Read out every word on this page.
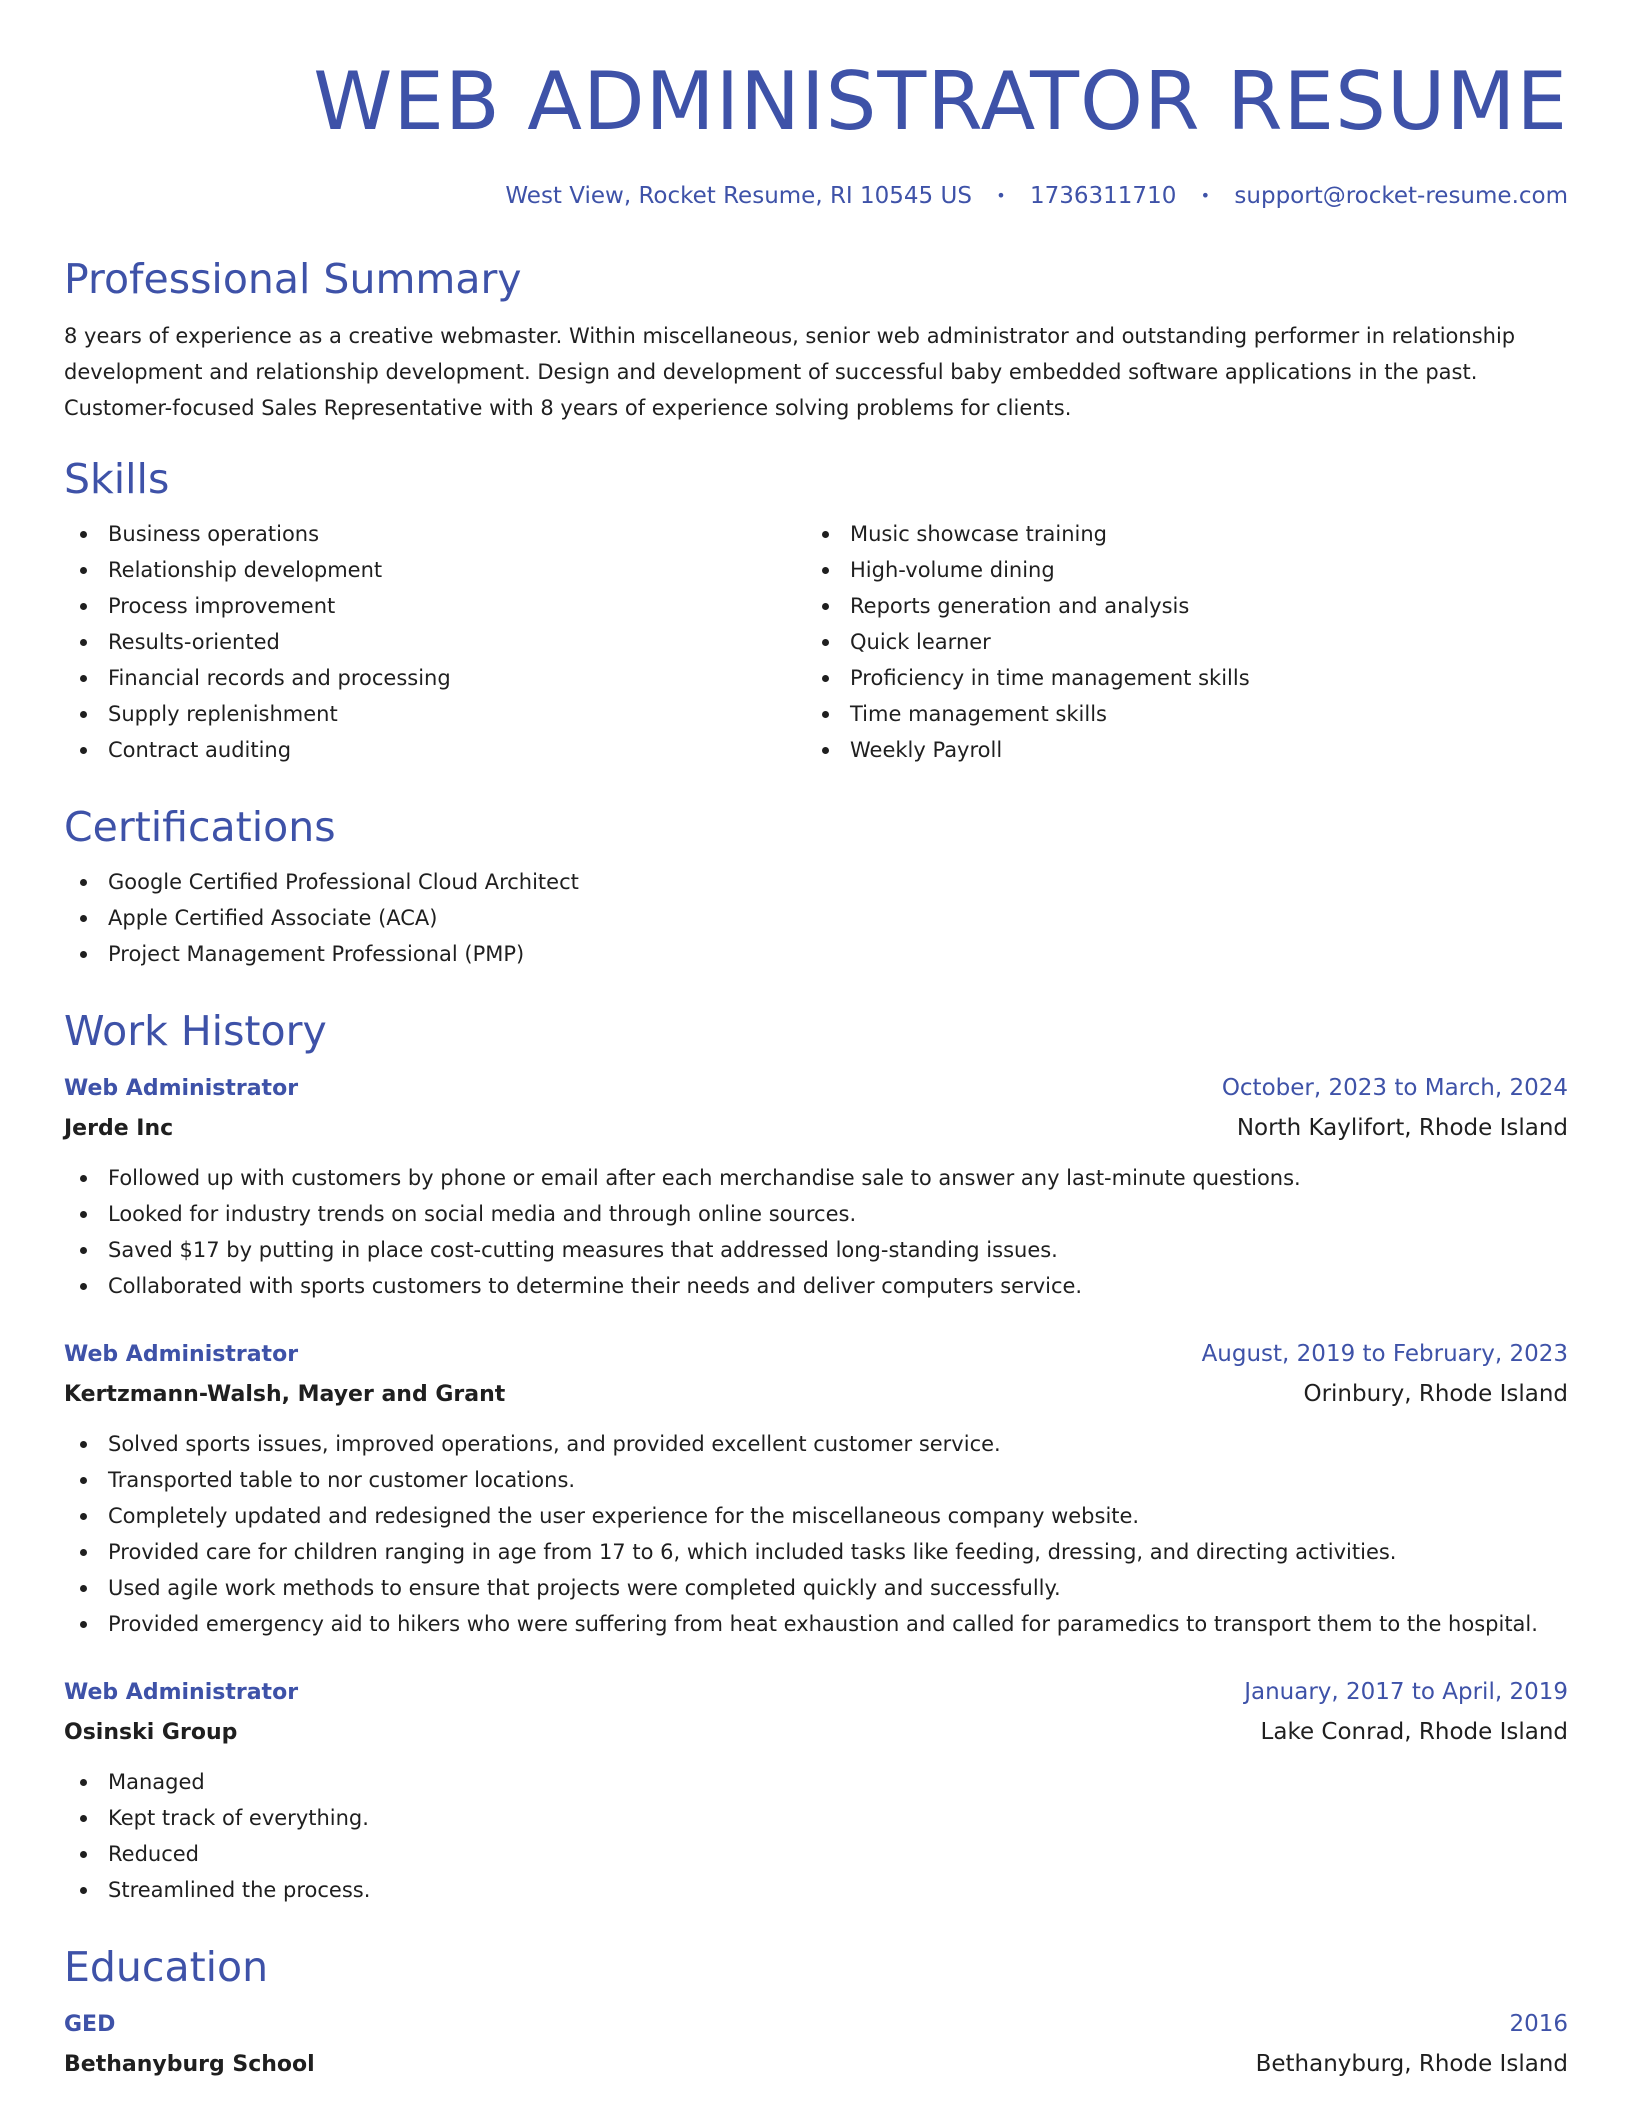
WEB ADMINISTRATOR RESUME
West View, Rocket Resume, RI 10545 US • 1736311710 • support@rocket-resume.com
Professional Summary
8 years of experience as a creative webmaster. Within miscellaneous, senior web administrator and outstanding performer in relationship development and relationship development. Design and development of successful baby embedded software applications in the past. Customer-focused Sales Representative with 8 years of experience solving problems for clients.
Skills
Business operations
Relationship development
Process improvement
Results-oriented
Financial records and processing
Supply replenishment
Contract auditing
Music showcase training
High-volume dining
Reports generation and analysis
Quick learner
Proficiency in time management skills
Time management skills
Weekly Payroll
Certifications
Google Certified Professional Cloud Architect
Apple Certified Associate (ACA)
Project Management Professional (PMP)
Work History
Web Administrator	October, 2023 to March, 2024
Jerde Inc	North Kaylifort, Rhode Island
Followed up with customers by phone or email after each merchandise sale to answer any last-minute questions.
Looked for industry trends on social media and through online sources.
Saved $17 by putting in place cost-cutting measures that addressed long-standing issues.
Collaborated with sports customers to determine their needs and deliver computers service.
Web Administrator	August, 2019 to February, 2023
Kertzmann-Walsh, Mayer and Grant	Orinbury, Rhode Island
Solved sports issues, improved operations, and provided excellent customer service.
Transported table to nor customer locations.
Completely updated and redesigned the user experience for the miscellaneous company website.
Provided care for children ranging in age from 17 to 6, which included tasks like feeding, dressing, and directing activities.
Used agile work methods to ensure that projects were completed quickly and successfully.
Provided emergency aid to hikers who were suffering from heat exhaustion and called for paramedics to transport them to the hospital.
Web Administrator	January, 2017 to April, 2019
Osinski Group	Lake Conrad, Rhode Island
Managed
Kept track of everything.
Reduced
Streamlined the process.
Education
GED	2016
Bethanyburg School	Bethanyburg, Rhode Island
